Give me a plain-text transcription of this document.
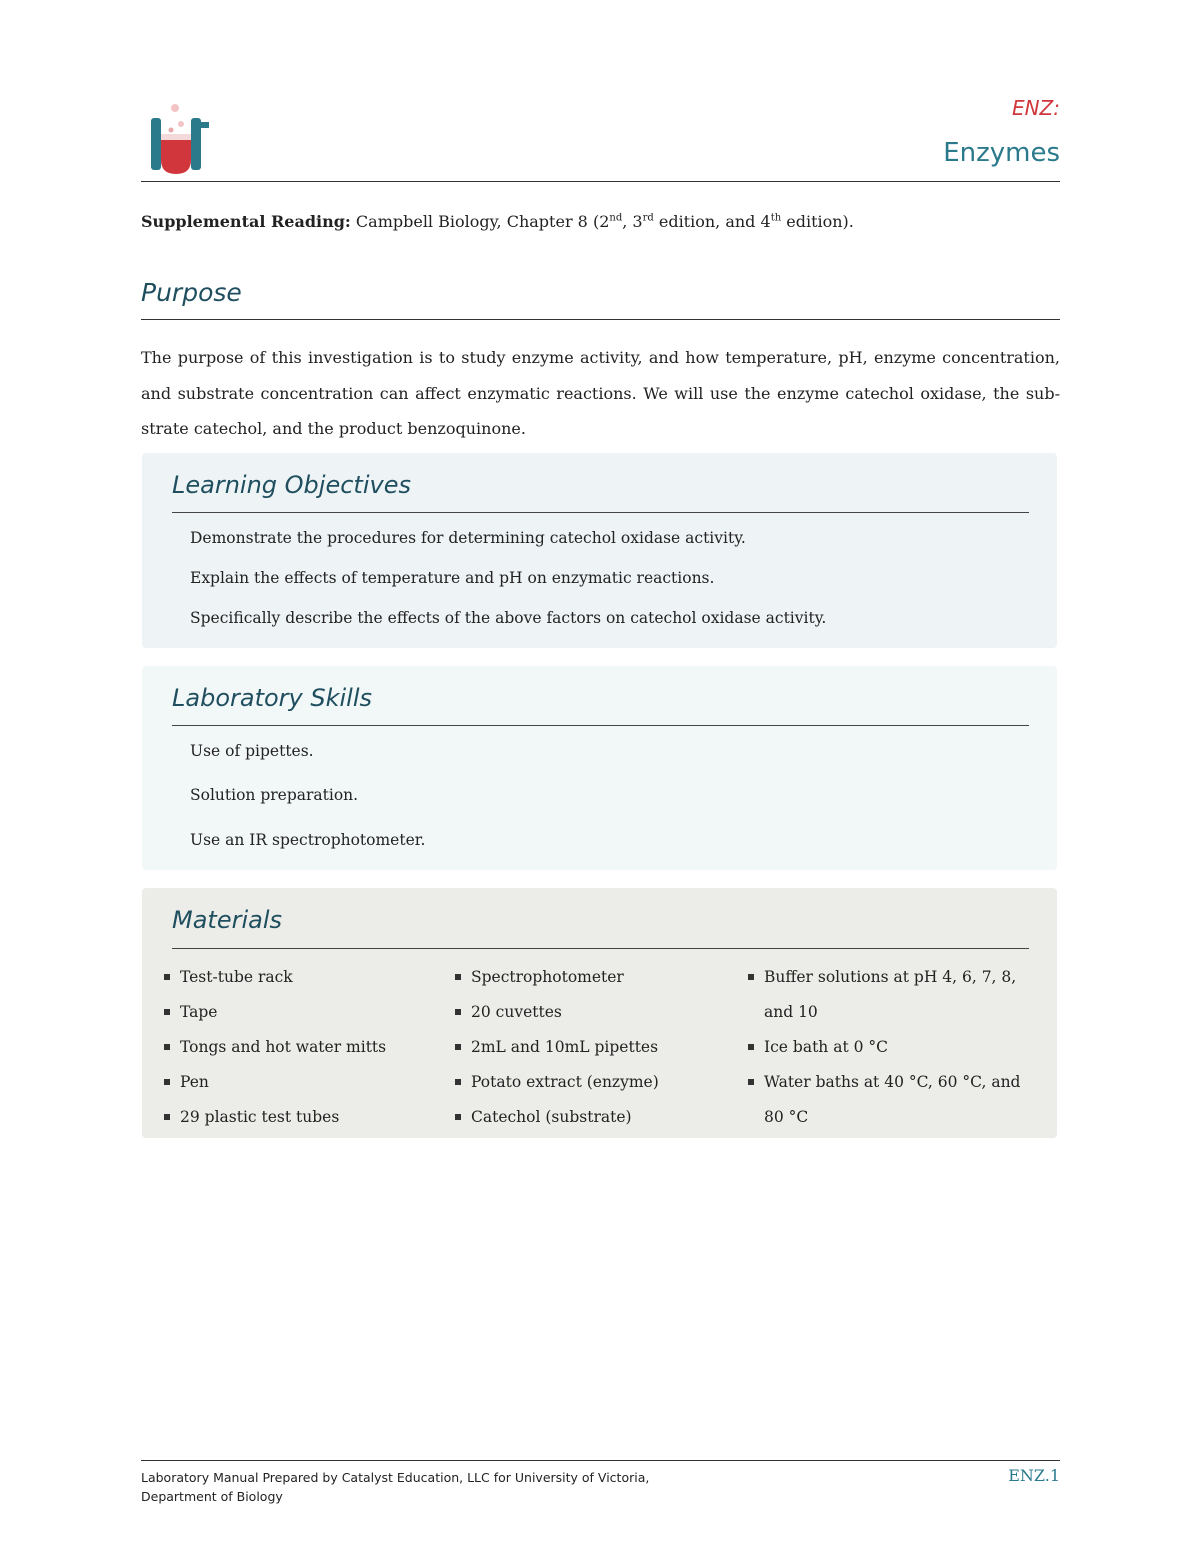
ENZ:
Enzymes
Supplemental Reading: Campbell Biology, Chapter 8 (2nd, 3rd edition, and 4th edition).
Purpose
The purpose of this investigation is to study enzyme activity, and how temperature, pH, enzyme concentration, and substrate concentration can affect enzymatic reactions. We will use the enzyme catechol oxidase, the sub-strate catechol, and the product benzoquinone.
Learning Objectives
Demonstrate the procedures for determining catechol oxidase activity.
Explain the effects of temperature and pH on enzymatic reactions.
Specifically describe the effects of the above factors on catechol oxidase activity.
Laboratory Skills
Use of pipettes.
Solution preparation.
Use an IR spectrophotometer.
Materials
Test-tube rack
Tape
Tongs and hot water mitts
Pen
29 plastic test tubes
Spectrophotometer
20 cuvettes
2mL and 10mL pipettes
Potato extract (enzyme)
Catechol (substrate)
Buffer solutions at pH 4, 6, 7, 8,
and 10
Ice bath at 0 °C
Water baths at 40 °C, 60 °C, and
80 °C
Laboratory Manual Prepared by Catalyst Education, LLC for University of Victoria,
Department of Biology
ENZ.1
